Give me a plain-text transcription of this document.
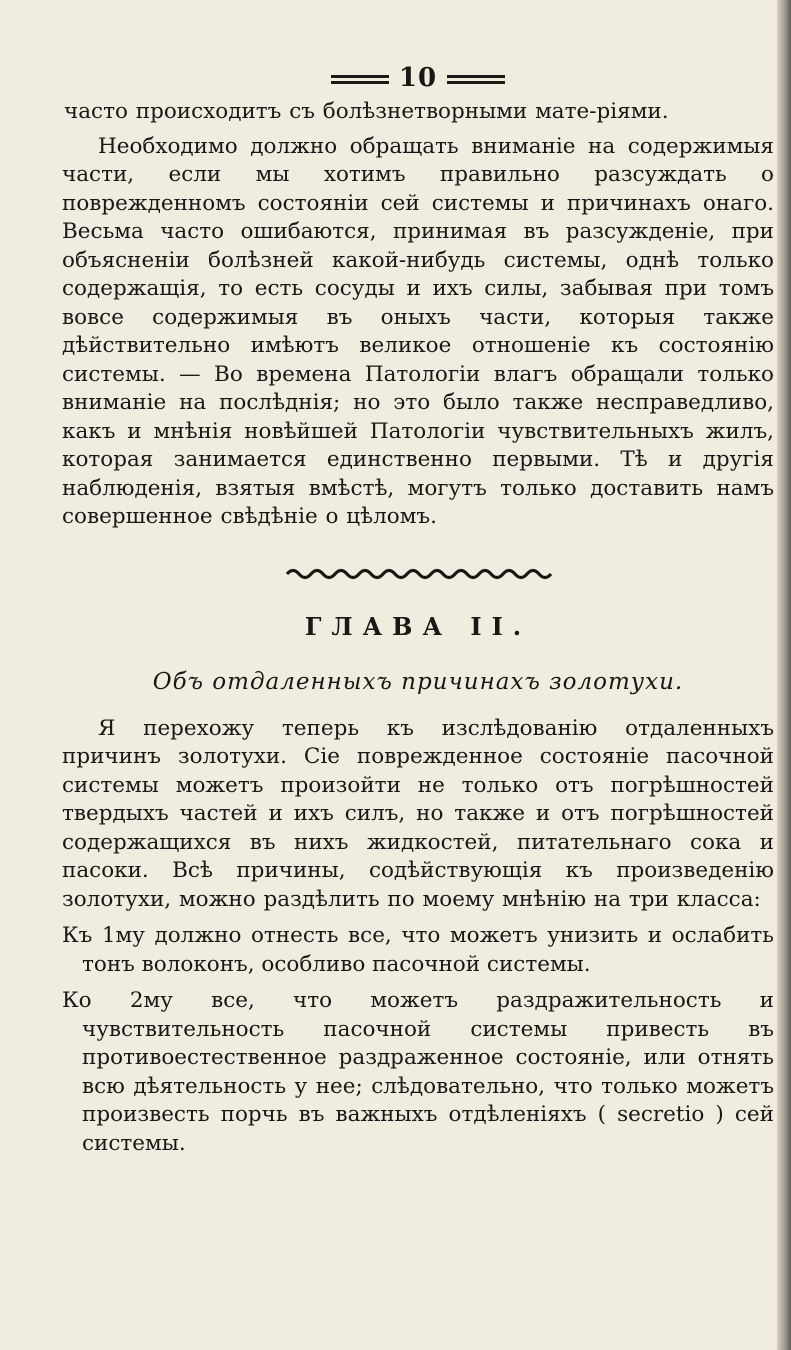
10

часто происходитъ съ болѣзнетворными мате-ріями.

Необходимо должно обращать вниманіе на содержимыя части, если мы хотимъ правильно разсуждать о поврежденномъ состояніи сей системы и причинахъ онаго. Весьма часто ошибаются, принимая въ разсужденіе, при объясненіи болѣзней какой-нибудь системы, однѣ только содержащія, то есть сосуды и ихъ силы, забывая при томъ вовсе содержимыя въ оныхъ части, которыя также дѣйствительно имѣютъ великое отношеніе къ состоянію системы. — Во времена Патологіи влагъ обращали только вниманіе на послѣднія; но это было также несправедливо, какъ и мнѣнія новѣйшей Патологіи чувствительныхъ жилъ, которая занимается единственно первыми. Тѣ и другія наблюденія, взятыя вмѣстѣ, могутъ только доставить намъ совершенное свѣдѣніе о цѣломъ.

ГЛАВА II.
Объ отдаленныхъ причинахъ золотухи.

Я перехожу теперь къ изслѣдованію отдаленныхъ причинъ золотухи. Сіе поврежденное состояніе пасочной системы можетъ произойти не только отъ погрѣшностей твердыхъ частей и ихъ силъ, но также и отъ погрѣшностей содержащихся въ нихъ жидкостей, питательнаго сока и пасоки. Всѣ причины, содѣйствующія къ произведенію золотухи, можно раздѣлить по моему мнѣнію на три класса:

Къ 1му должно отнесть все, что можетъ унизить и ослабить тонъ волоконъ, особливо пасочной системы.

Ко 2му все, что можетъ раздражительность и чувствительность пасочной системы привесть въ противоестественное раздраженное состояніе, или отнять всю дѣятельность у нее; слѣдовательно, что только можетъ произвесть порчь въ важныхъ отдѣленіяхъ ( secretio ) сей системы.
